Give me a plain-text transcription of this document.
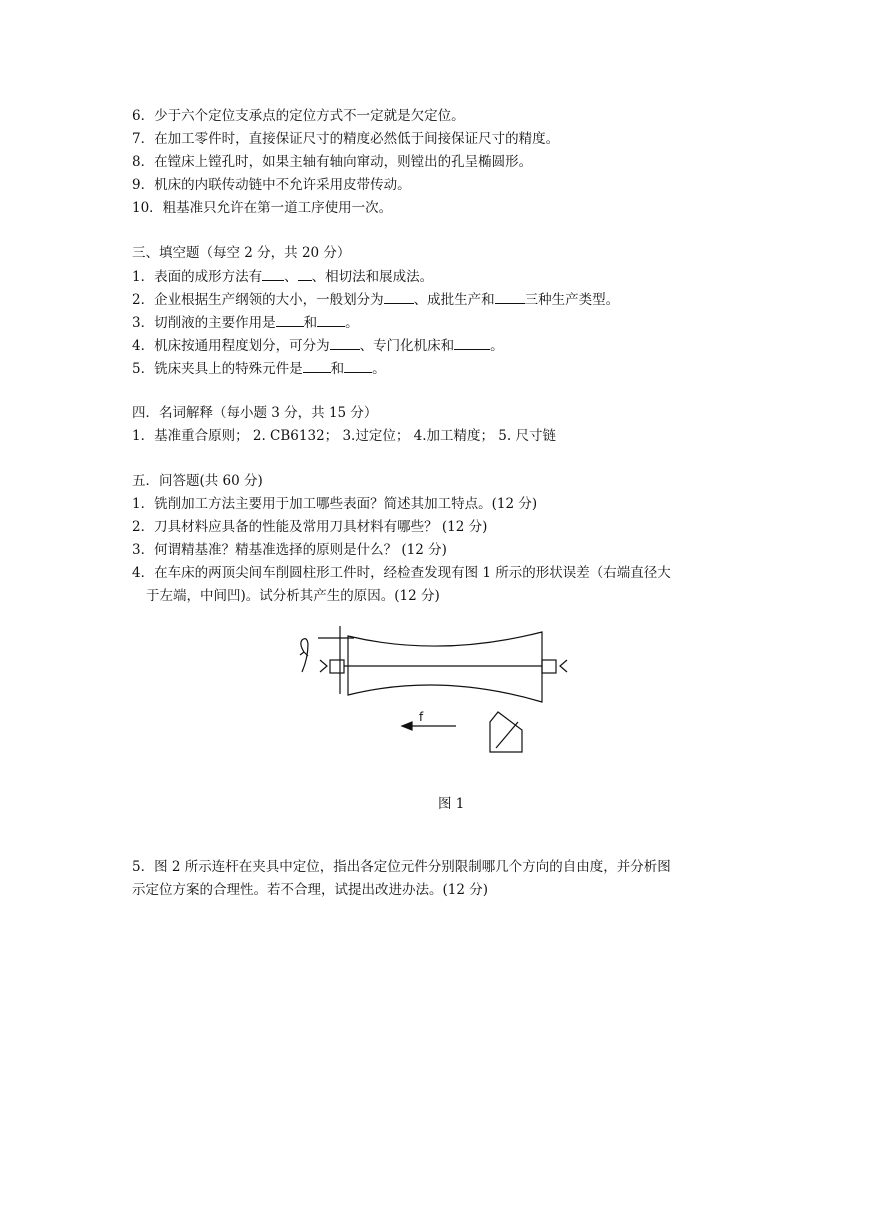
6．少于六个定位支承点的定位方式不一定就是欠定位。
7．在加工零件时，直接保证尺寸的精度必然低于间接保证尺寸的精度。
8．在镗床上镗孔时，如果主轴有轴向窜动，则镗出的孔呈椭圆形。
9．机床的内联传动链中不允许采用皮带传动。
10．粗基准只允许在第一道工序使用一次。
三、填空题（每空 2 分，共 20 分）
1．表面的成形方法有 、 、相切法和展成法。
2．企业根据生产纲领的大小，一般划分为 、成批生产和 三种生产类型。
3．切削液的主要作用是 和 。
4．机床按通用程度划分，可分为 、专门化机床和	。
5．铣床夹具上的特殊元件是 和 。
四．名词解释（每小题 3 分，共 15 分）
1．基准重合原则； 2. CB6132； 3.过定位； 4.加工精度； 5. 尺寸链
五．问答题(共 60 分)
1．铣削加工方法主要用于加工哪些表面？简述其加工特点。(12 分)
2．刀具材料应具备的性能及常用刀具材料有哪些？ (12 分)
3．何谓精基准？精基准选择的原则是什么？ (12 分)
4．在车床的两顶尖间车削圆柱形工件时，经检查发现有图 1 所示的形状误差（右端直径大
于左端，中间凹)。试分析其产生的原因。(12 分)
f
图 1
5．图 2 所示连杆在夹具中定位，指出各定位元件分别限制哪几个方向的自由度，并分析图
示定位方案的合理性。若不合理，试提出改进办法。(12 分)
